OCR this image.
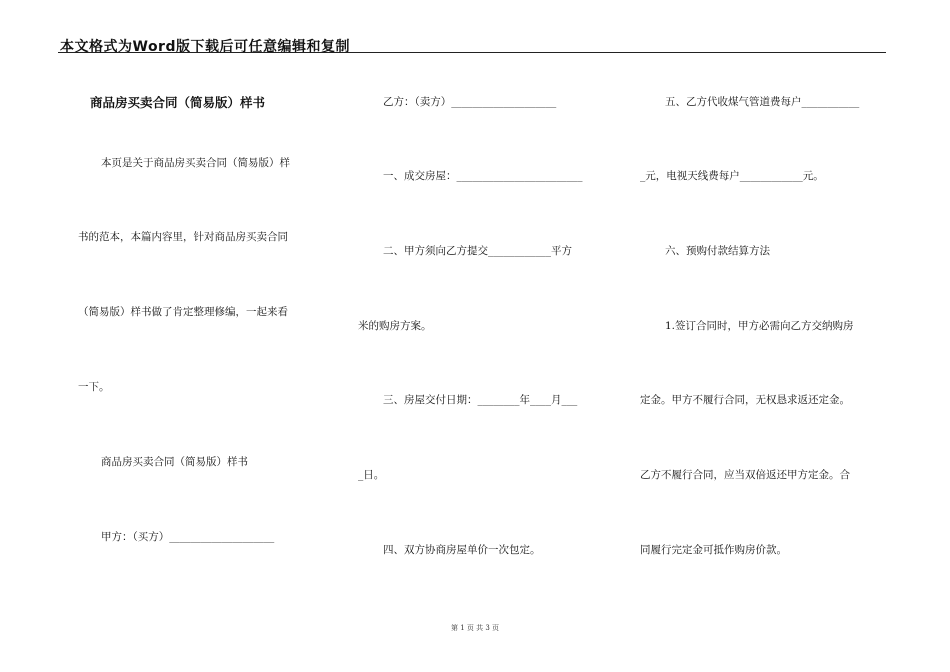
本文格式为Word版下载后可任意编辑和复制
商品房买卖合同（简易版）样书
本页是关于商品房买卖合同（简易版）样
书的范本，本篇内容里，针对商品房买卖合同
（简易版）样书做了肯定整理修编，一起来看
一下。
商品房买卖合同（简易版）样书
甲方：（买方）____________________
乙方：（卖方）____________________
一、成交房屋：________________________
二、甲方须向乙方提交____________平方
米的购房方案。
三、房屋交付日期：________年____月___
_日。
四、双方协商房屋单价一次包定。
五、乙方代收煤气管道费每户___________
_元，电视天线费每户____________元。
六、预购付款结算方法
1.签订合同时，甲方必需向乙方交纳购房
定金。甲方不履行合同，无权恳求返还定金。
乙方不履行合同，应当双倍返还甲方定金。合
同履行完定金可抵作购房价款。
第 1 页 共 3 页
